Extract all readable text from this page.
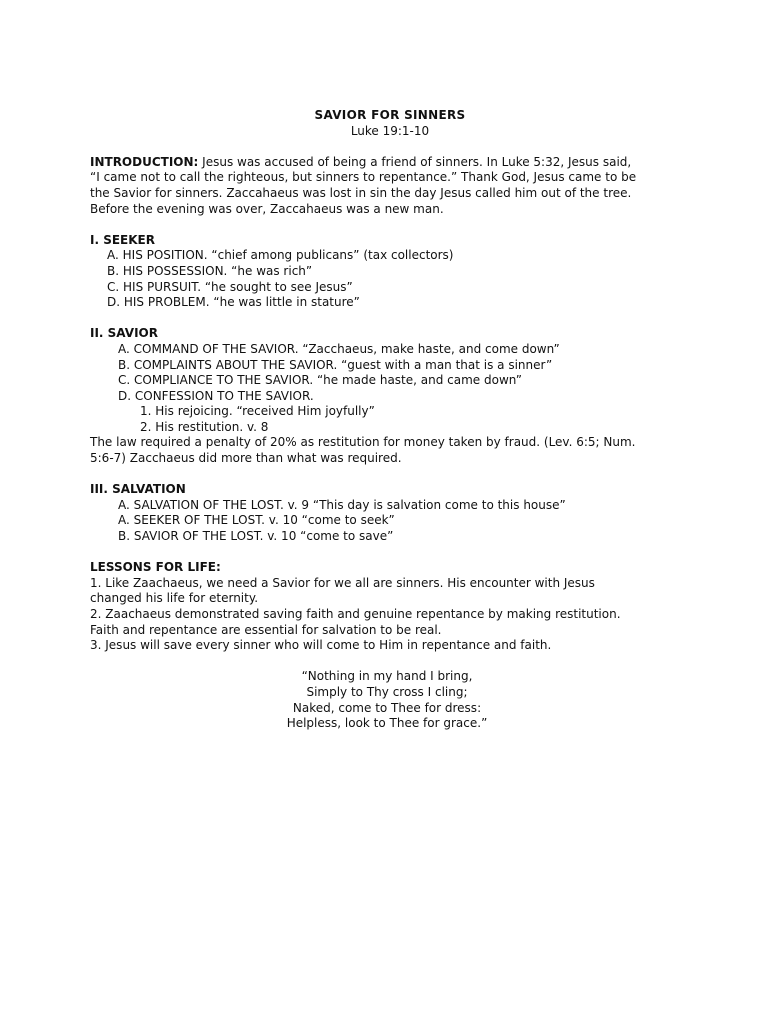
SAVIOR FOR SINNERS
Luke 19:1-10
INTRODUCTION: Jesus was accused of being a friend of sinners. In Luke 5:32, Jesus said,
“I came not to call the righteous, but sinners to repentance.” Thank God, Jesus came to be
the Savior for sinners. Zaccahaeus was lost in sin the day Jesus called him out of the tree.
Before the evening was over, Zaccahaeus was a new man.
I. SEEKER
A. HIS POSITION. “chief among publicans” (tax collectors)
B. HIS POSSESSION. “he was rich”
C. HIS PURSUIT. “he sought to see Jesus”
D. HIS PROBLEM. “he was little in stature”
II. SAVIOR
A. COMMAND OF THE SAVIOR. “Zacchaeus, make haste, and come down”
B. COMPLAINTS ABOUT THE SAVIOR. “guest with a man that is a sinner”
C. COMPLIANCE TO THE SAVIOR. “he made haste, and came down”
D. CONFESSION TO THE SAVIOR.
1. His rejoicing. “received Him joyfully”
2. His restitution. v. 8
The law required a penalty of 20% as restitution for money taken by fraud. (Lev. 6:5; Num.
5:6-7) Zacchaeus did more than what was required.
III. SALVATION
A. SALVATION OF THE LOST. v. 9 “This day is salvation come to this house”
A. SEEKER OF THE LOST. v. 10 “come to seek”
B. SAVIOR OF THE LOST. v. 10 “come to save”
LESSONS FOR LIFE:
1. Like Zaachaeus, we need a Savior for we all are sinners. His encounter with Jesus
changed his life for eternity.
2. Zaachaeus demonstrated saving faith and genuine repentance by making restitution.
Faith and repentance are essential for salvation to be real.
3. Jesus will save every sinner who will come to Him in repentance and faith.
“Nothing in my hand I bring,
Simply to Thy cross I cling;
Naked, come to Thee for dress:
Helpless, look to Thee for grace.”
